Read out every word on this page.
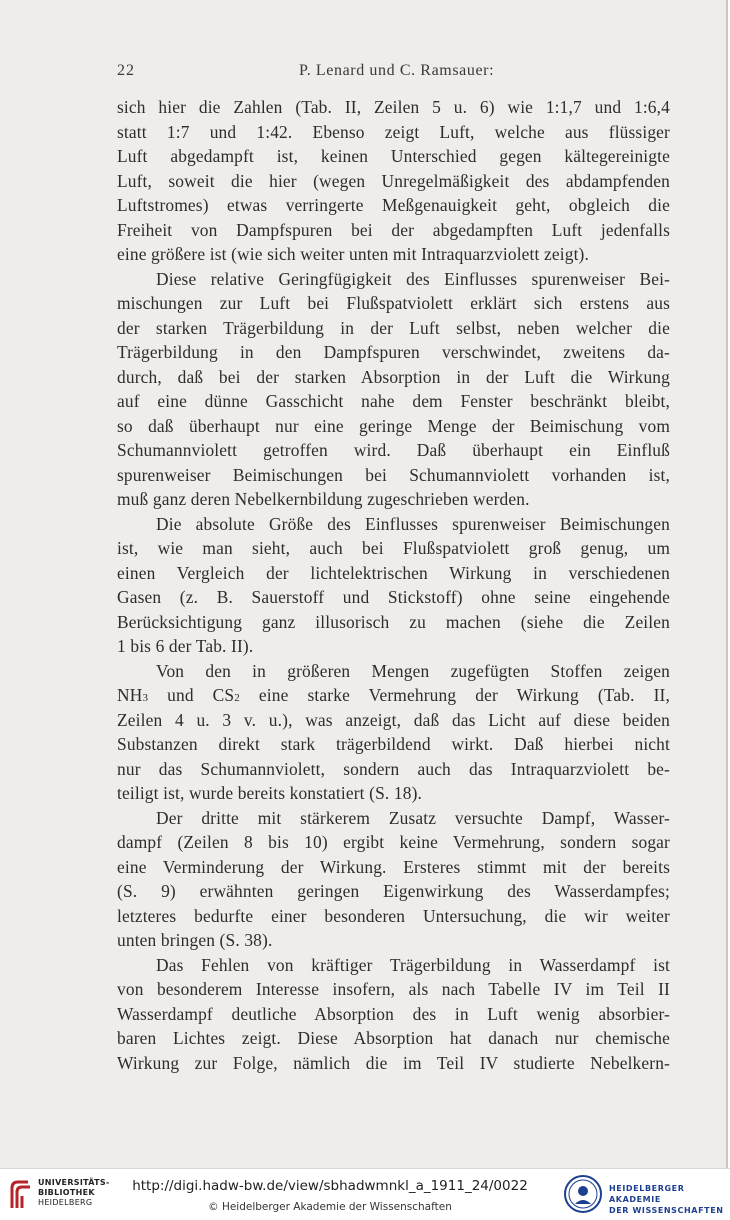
22	P. Lenard und C. Ramsauer:
sich hier die Zahlen (Tab. II, Zeilen 5 u. 6) wie 1:1,7 und 1:6,4
statt 1:7 und 1:42. Ebenso zeigt Luft, welche aus flüssiger
Luft abgedampft ist, keinen Unterschied gegen kältegereinigte
Luft, soweit die hier (wegen Unregelmäßigkeit des abdampfenden
Luftstromes) etwas verringerte Meßgenauigkeit geht, obgleich die
Freiheit von Dampfspuren bei der abgedampften Luft jedenfalls
eine größere ist (wie sich weiter unten mit Intraquarzviolett zeigt).
Diese relative Geringfügigkeit des Einflusses spurenweiser Bei-
mischungen zur Luft bei Flußspatviolett erklärt sich erstens aus
der starken Trägerbildung in der Luft selbst, neben welcher die
Trägerbildung in den Dampfspuren verschwindet, zweitens da-
durch, daß bei der starken Absorption in der Luft die Wirkung
auf eine dünne Gasschicht nahe dem Fenster beschränkt bleibt,
so daß überhaupt nur eine geringe Menge der Beimischung vom
Schumannviolett getroffen wird. Daß überhaupt ein Einfluß
spurenweiser Beimischungen bei Schumannviolett vorhanden ist,
muß ganz deren Nebelkernbildung zugeschrieben werden.
Die absolute Größe des Einflusses spurenweiser Beimischungen
ist, wie man sieht, auch bei Flußspatviolett groß genug, um
einen Vergleich der lichtelektrischen Wirkung in verschiedenen
Gasen (z. B. Sauerstoff und Stickstoff) ohne seine eingehende
Berücksichtigung ganz illusorisch zu machen (siehe die Zeilen
1 bis 6 der Tab. II).
Von den in größeren Mengen zugefügten Stoffen zeigen
NH3 und CS2 eine starke Vermehrung der Wirkung (Tab. II,
Zeilen 4 u. 3 v. u.), was anzeigt, daß das Licht auf diese beiden
Substanzen direkt stark trägerbildend wirkt. Daß hierbei nicht
nur das Schumannviolett, sondern auch das Intraquarzviolett be-
teiligt ist, wurde bereits konstatiert (S. 18).
Der dritte mit stärkerem Zusatz versuchte Dampf, Wasser-
dampf (Zeilen 8 bis 10) ergibt keine Vermehrung, sondern sogar
eine Verminderung der Wirkung. Ersteres stimmt mit der bereits
(S. 9) erwähnten geringen Eigenwirkung des Wasserdampfes;
letzteres bedurfte einer besonderen Untersuchung, die wir weiter
unten bringen (S. 38).
Das Fehlen von kräftiger Trägerbildung in Wasserdampf ist
von besonderem Interesse insofern, als nach Tabelle IV im Teil II
Wasserdampf deutliche Absorption des in Luft wenig absorbier-
baren Lichtes zeigt. Diese Absorption hat danach nur chemische
Wirkung zur Folge, nämlich die im Teil IV studierte Nebelkern-
UNIVERSITÄTS-
BIBLIOTHEK
HEIDELBERG
http://digi.hadw-bw.de/view/sbhadwmnkl_a_1911_24/0022
© Heidelberger Akademie der Wissenschaften
HEIDELBERGER AKADEMIE
DER WISSENSCHAFTEN
